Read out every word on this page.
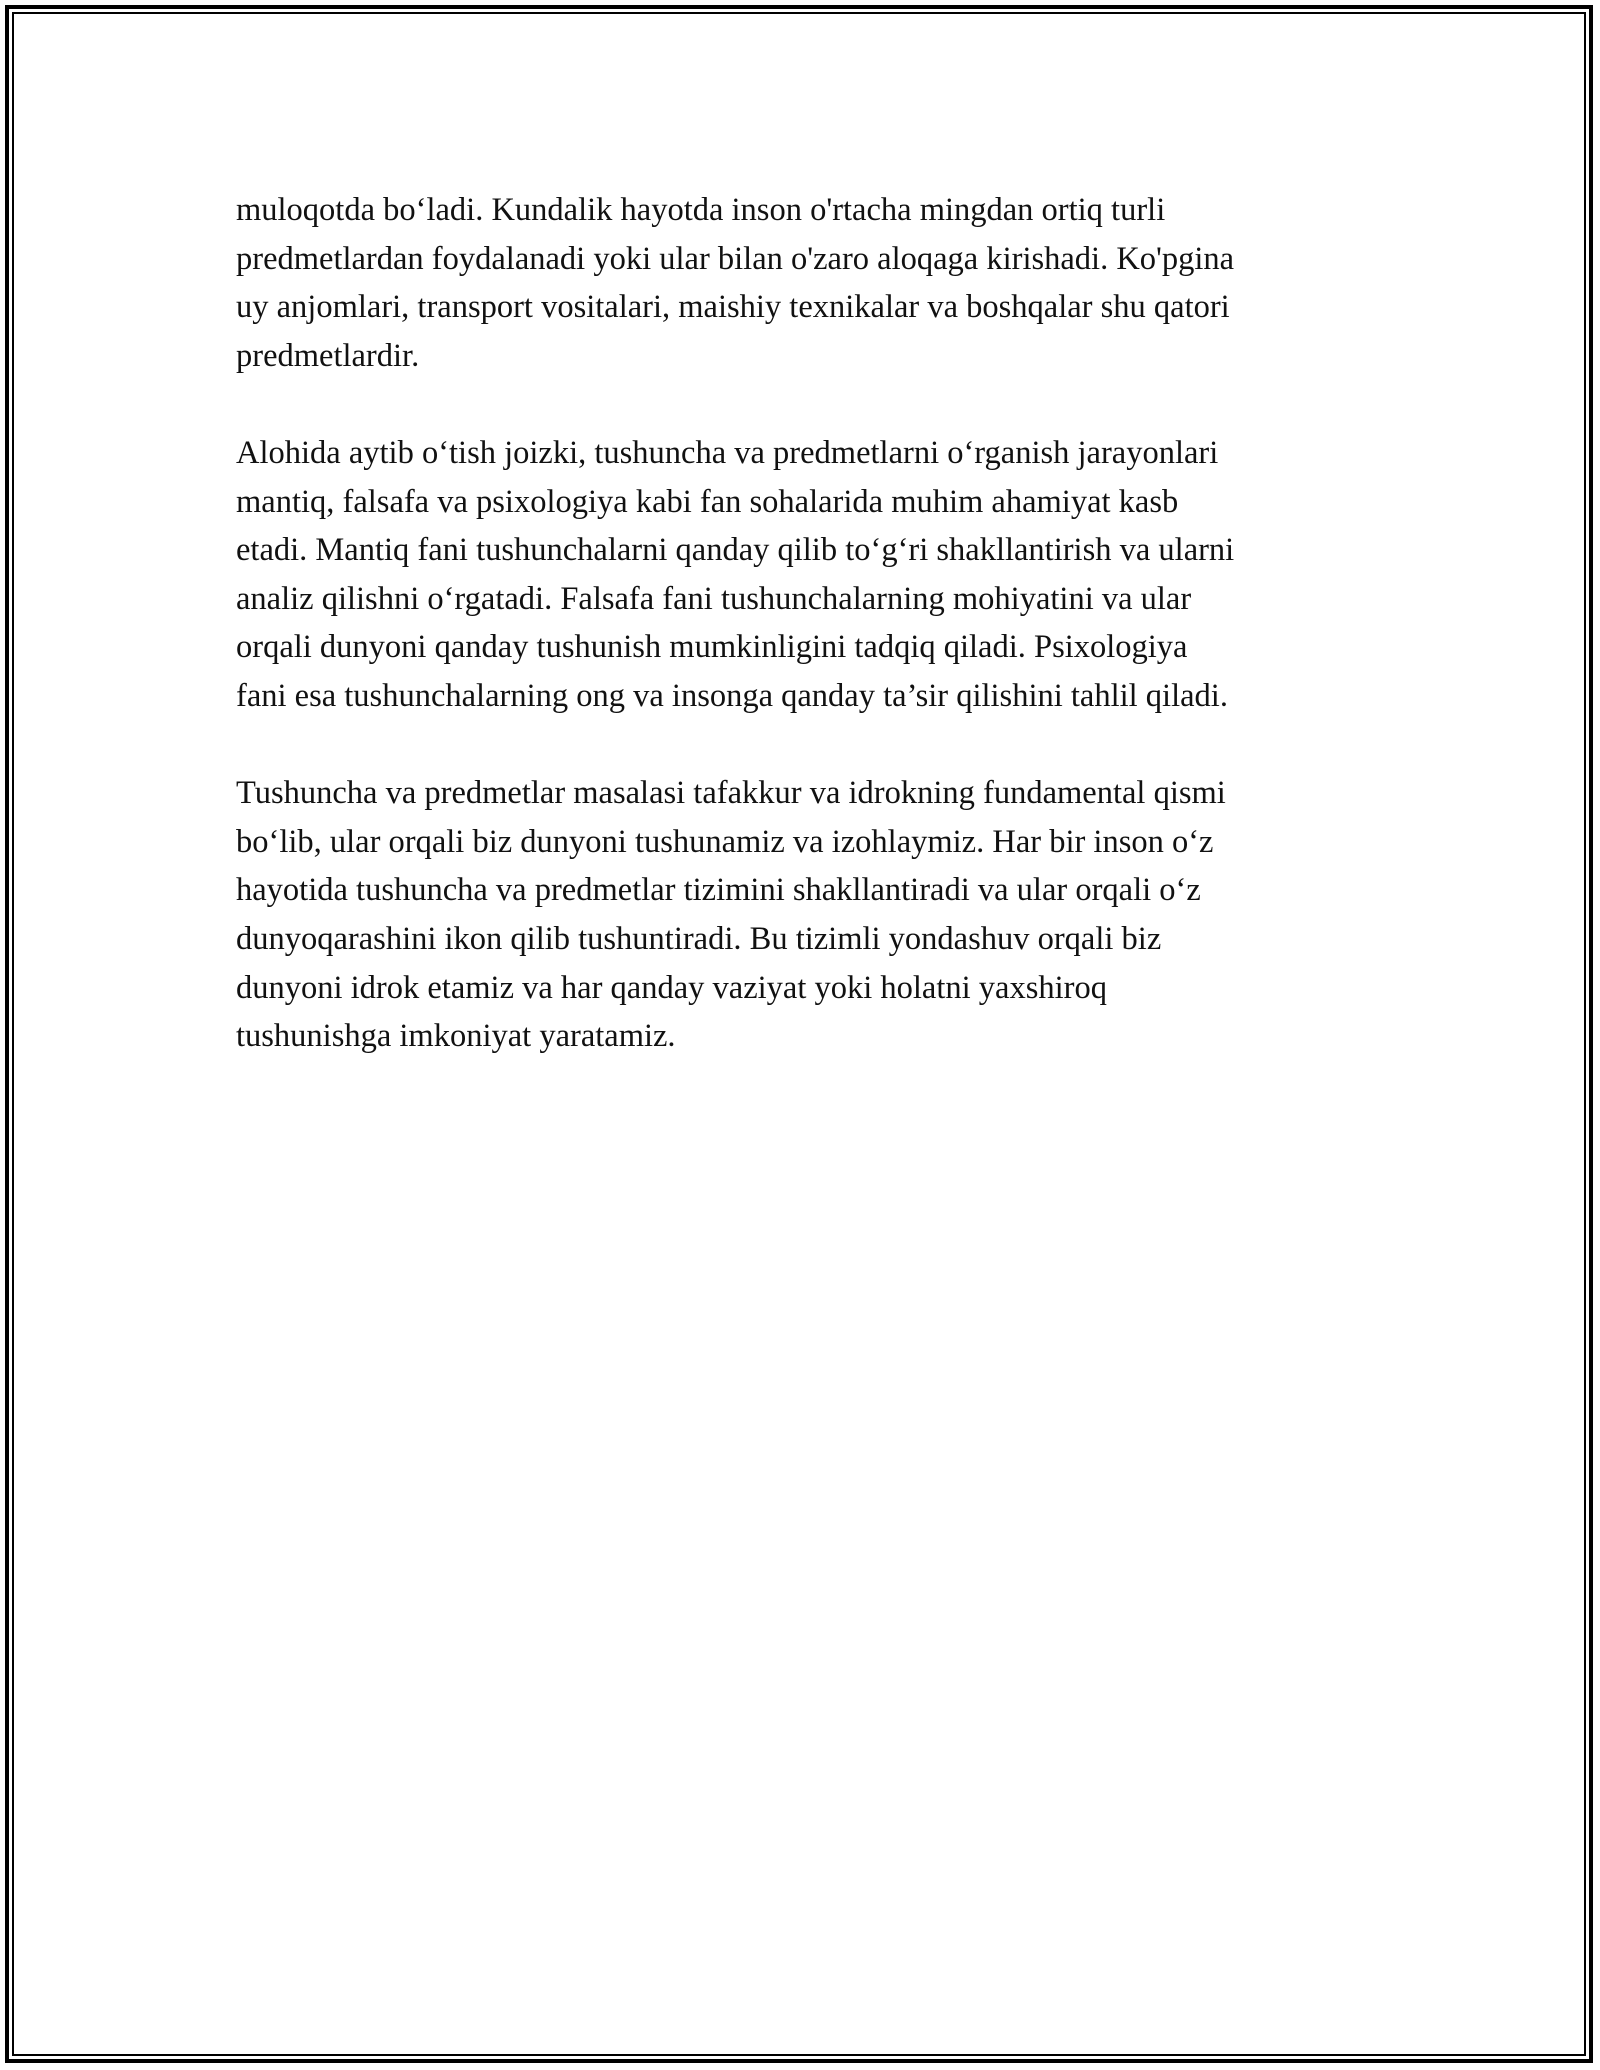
muloqotda bo‘ladi. Kundalik hayotda inson o'rtacha mingdan ortiq turli
predmetlardan foydalanadi yoki ular bilan o'zaro aloqaga kirishadi. Ko'pgina
uy anjomlari, transport vositalari, maishiy texnikalar va boshqalar shu qatori
predmetlardir.

Alohida aytib o‘tish joizki, tushuncha va predmetlarni o‘rganish jarayonlari
mantiq, falsafa va psixologiya kabi fan sohalarida muhim ahamiyat kasb
etadi. Mantiq fani tushunchalarni qanday qilib to‘g‘ri shakllantirish va ularni
analiz qilishni o‘rgatadi. Falsafa fani tushunchalarning mohiyatini va ular
orqali dunyoni qanday tushunish mumkinligini tadqiq qiladi. Psixologiya
fani esa tushunchalarning ong va insonga qanday ta’sir qilishini tahlil qiladi.

Tushuncha va predmetlar masalasi tafakkur va idrokning fundamental qismi
bo‘lib, ular orqali biz dunyoni tushunamiz va izohlaymiz. Har bir inson o‘z
hayotida tushuncha va predmetlar tizimini shakllantiradi va ular orqali o‘z
dunyoqarashini ikon qilib tushuntiradi. Bu tizimli yondashuv orqali biz
dunyoni idrok etamiz va har qanday vaziyat yoki holatni yaxshiroq
tushunishga imkoniyat yaratamiz.
